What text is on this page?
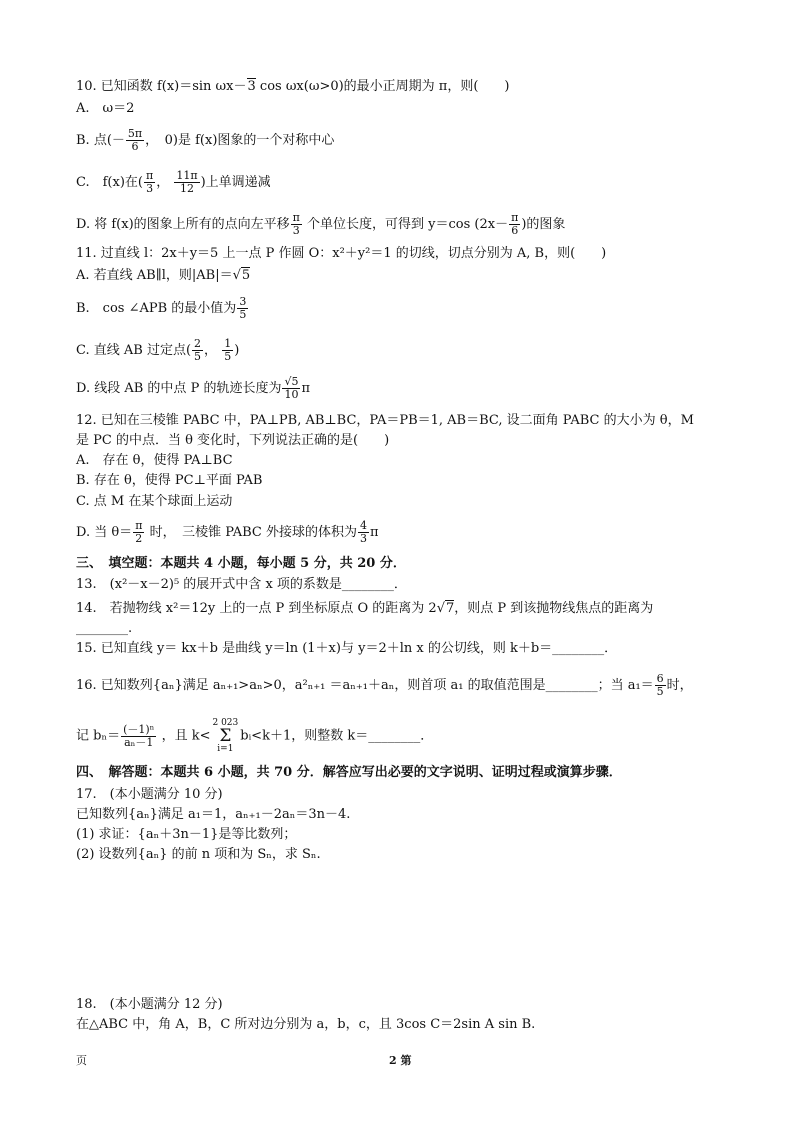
10. 已知函数 f(x)＝sin ωx－3 cos ωx(ω>0)的最小正周期为 π，则(　　)
A.　ω＝2
B. 点(－ $\frac{5\pi}{6}$ ，　0)是 f(x)图象的一个对称中心
C.　f(x)在( $\frac{\pi}{3}$ ， $\frac{11\pi}{12}$ )上单调递减
D. 将 f(x)的图象上所有的点向左平移 $\frac{\pi}{3}$ 个单位长度，可得到 y＝cos ($2x- \frac{\pi}{6}$ )的图象
11. 过直线 l：2x＋y＝5 上一点 P 作圆 O：x²＋y²＝1 的切线，切点分别为 A, B，则(　　)
A. 若直线 AB∥l，则|AB|＝√5
B.　cos ∠APB 的最小值为 $\frac{3}{5}$
C. 直线 AB 过定点( $\frac{2}{5}$ ， $\frac{1}{5}$ )
D. 线段 AB 的中点 P 的轨迹长度为 $\frac{√5}{10}$ π
12. 已知在三棱锥 PABC 中，PA⊥PB, AB⊥BC，PA＝PB＝1, AB＝BC, 设二面角 PABC 的大小为 θ，M
是 PC 的中点．当 θ 变化时，下列说法正确的是(　　)
A.　存在 θ，使得 PA⊥BC
B. 存在 θ，使得 PC⊥平面 PAB
C. 点 M 在某个球面上运动
D. 当 $\theta= \frac{\pi}{2}$ 时，　三棱锥 PABC 外接球的体积为 $\frac{4}{3}$ π
三、　填空题：本题共 4 小题，每小题 5 分，共 20 分．
13.　(x²－x－2)⁵ 的展开式中含 x 项的系数是________．
14.　若抛物线 x²＝12y 上的一点 P 到坐标原点 O 的距离为 2√7，则点 P 到该抛物线焦点的距离为
________.
15. 已知直线 y＝ kx＋b 是曲线 y＝ln (1＋x)与 y＝2＋ln x 的公切线，则 k＋b＝________．
16. 已知数列{aₙ}满足 aₙ₊₁>aₙ>0，a²ₙ₊₁ ＝aₙ₊₁＋aₙ，则首项 a₁ 的取值范围是________；当 $a_1= \frac{6}{5}$ 时，
记 $b_n= \frac{\text{(－1)ⁿ}}{\text{aₙ－1}}$ ，且 k<
2 023
Σ
i=1
bᵢ<k＋1，则整数 k＝________．
四、　解答题：本题共 6 小题，共 70 分．解答应写出必要的文字说明、证明过程或演算步骤．
17.　(本小题满分 10 分)
已知数列{aₙ}满足 a₁＝1，aₙ₊₁－2aₙ＝3n－4.
(1) 求证：{aₙ＋3n－1}是等比数列；
(2) 设数列{aₙ} 的前 n 项和为 Sₙ，求 Sₙ.
18.　(本小题满分 12 分)
在△ABC 中，角 A，B，C 所对边分别为 a，b，c，且 3cos C＝2sin A sin B.
页	2 第
